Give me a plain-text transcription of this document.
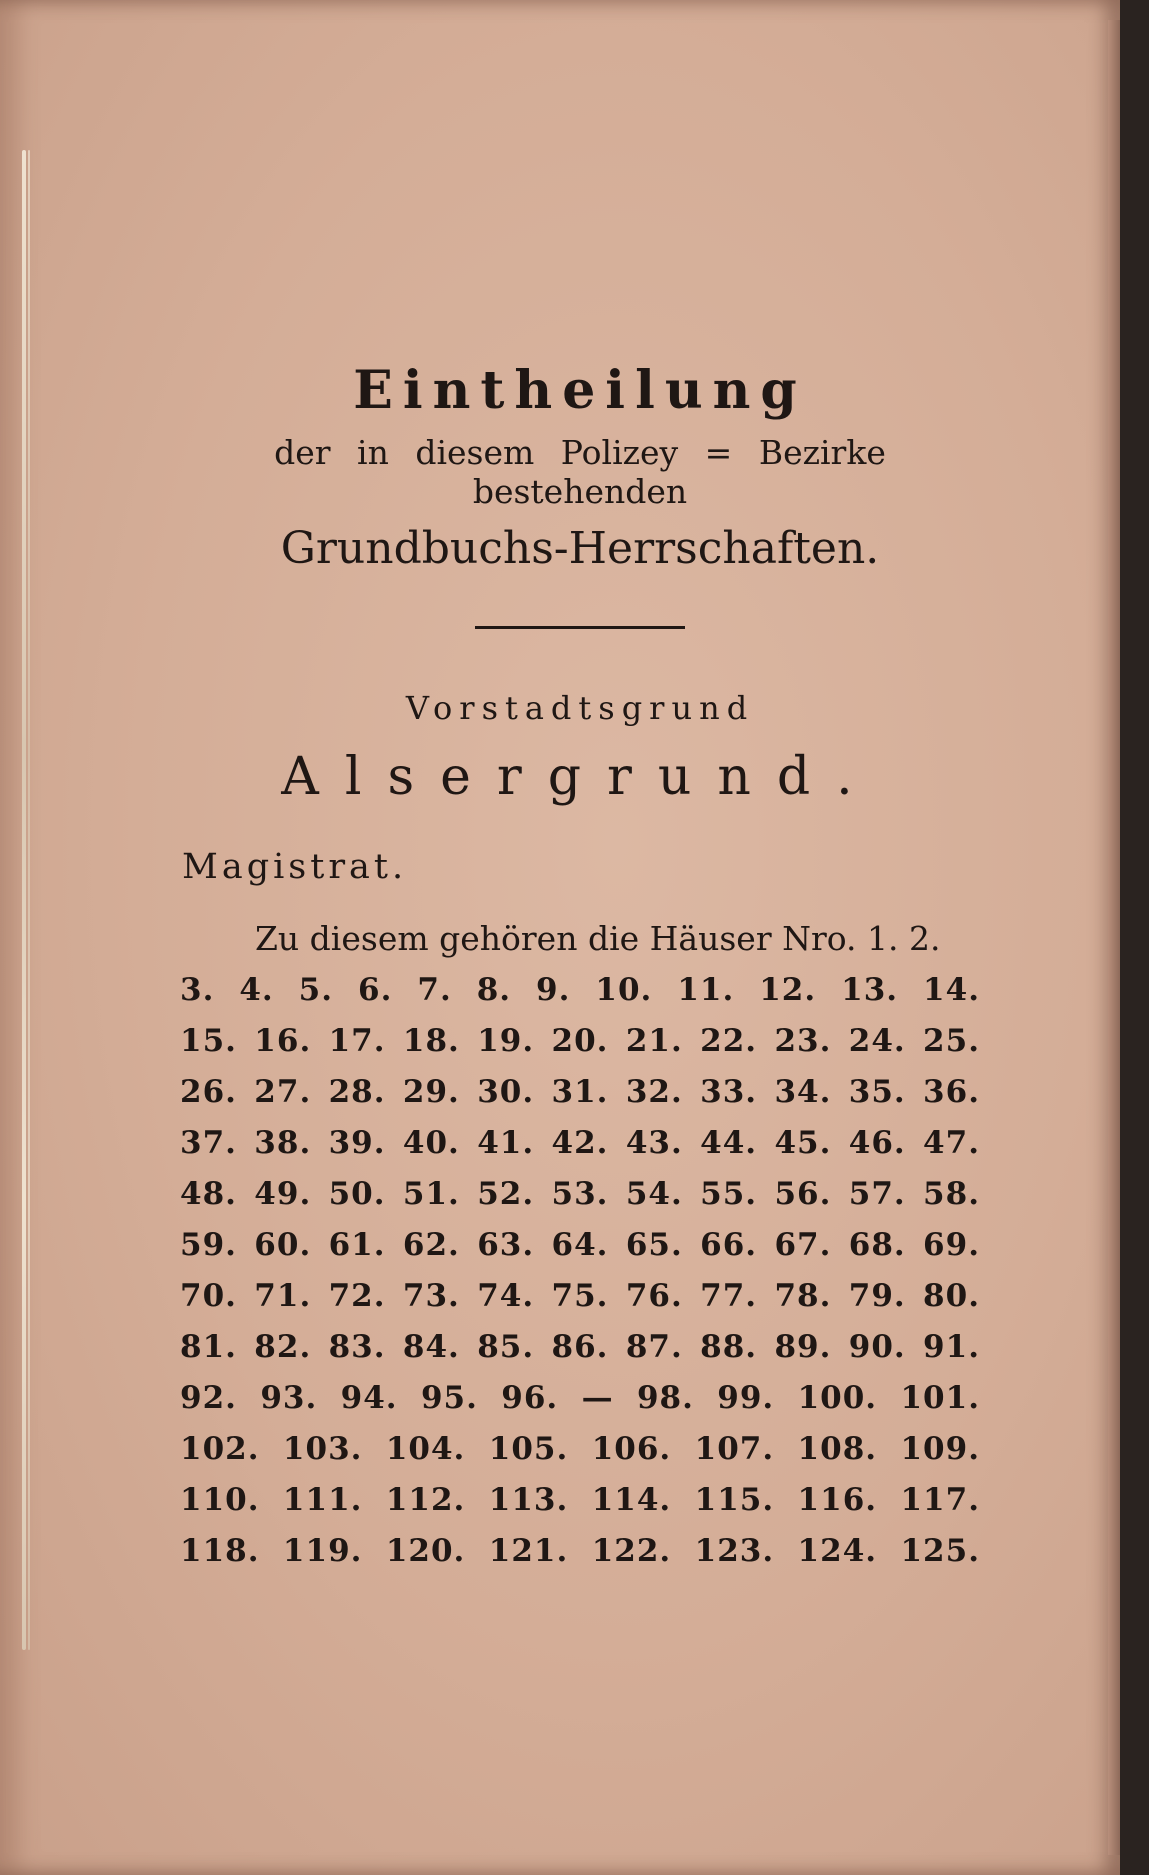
Eintheilung

der in diesem Polizey = Bezirke bestehenden

Grundbuchs-Herrschaften.

Vorstadtsgrund

Alsergrund.

Magistrat.

Zu diesem gehören die Häuser Nro. 1. 2.

3. 4. 5. 6. 7. 8. 9. 10. 11. 12. 13. 14.
15. 16. 17. 18. 19. 20. 21. 22. 23. 24. 25.
26. 27. 28. 29. 30. 31. 32. 33. 34. 35. 36.
37. 38. 39. 40. 41. 42. 43. 44. 45. 46. 47.
48. 49. 50. 51. 52. 53. 54. 55. 56. 57. 58.
59. 60. 61. 62. 63. 64. 65. 66. 67. 68. 69.
70. 71. 72. 73. 74. 75. 76. 77. 78. 79. 80.
81. 82. 83. 84. 85. 86. 87. 88. 89. 90. 91.
92. 93. 94. 95. 96. — 98. 99. 100. 101.
102. 103. 104. 105. 106. 107. 108. 109.
110. 111. 112. 113. 114. 115. 116. 117.
118. 119. 120. 121. 122. 123. 124. 125.
